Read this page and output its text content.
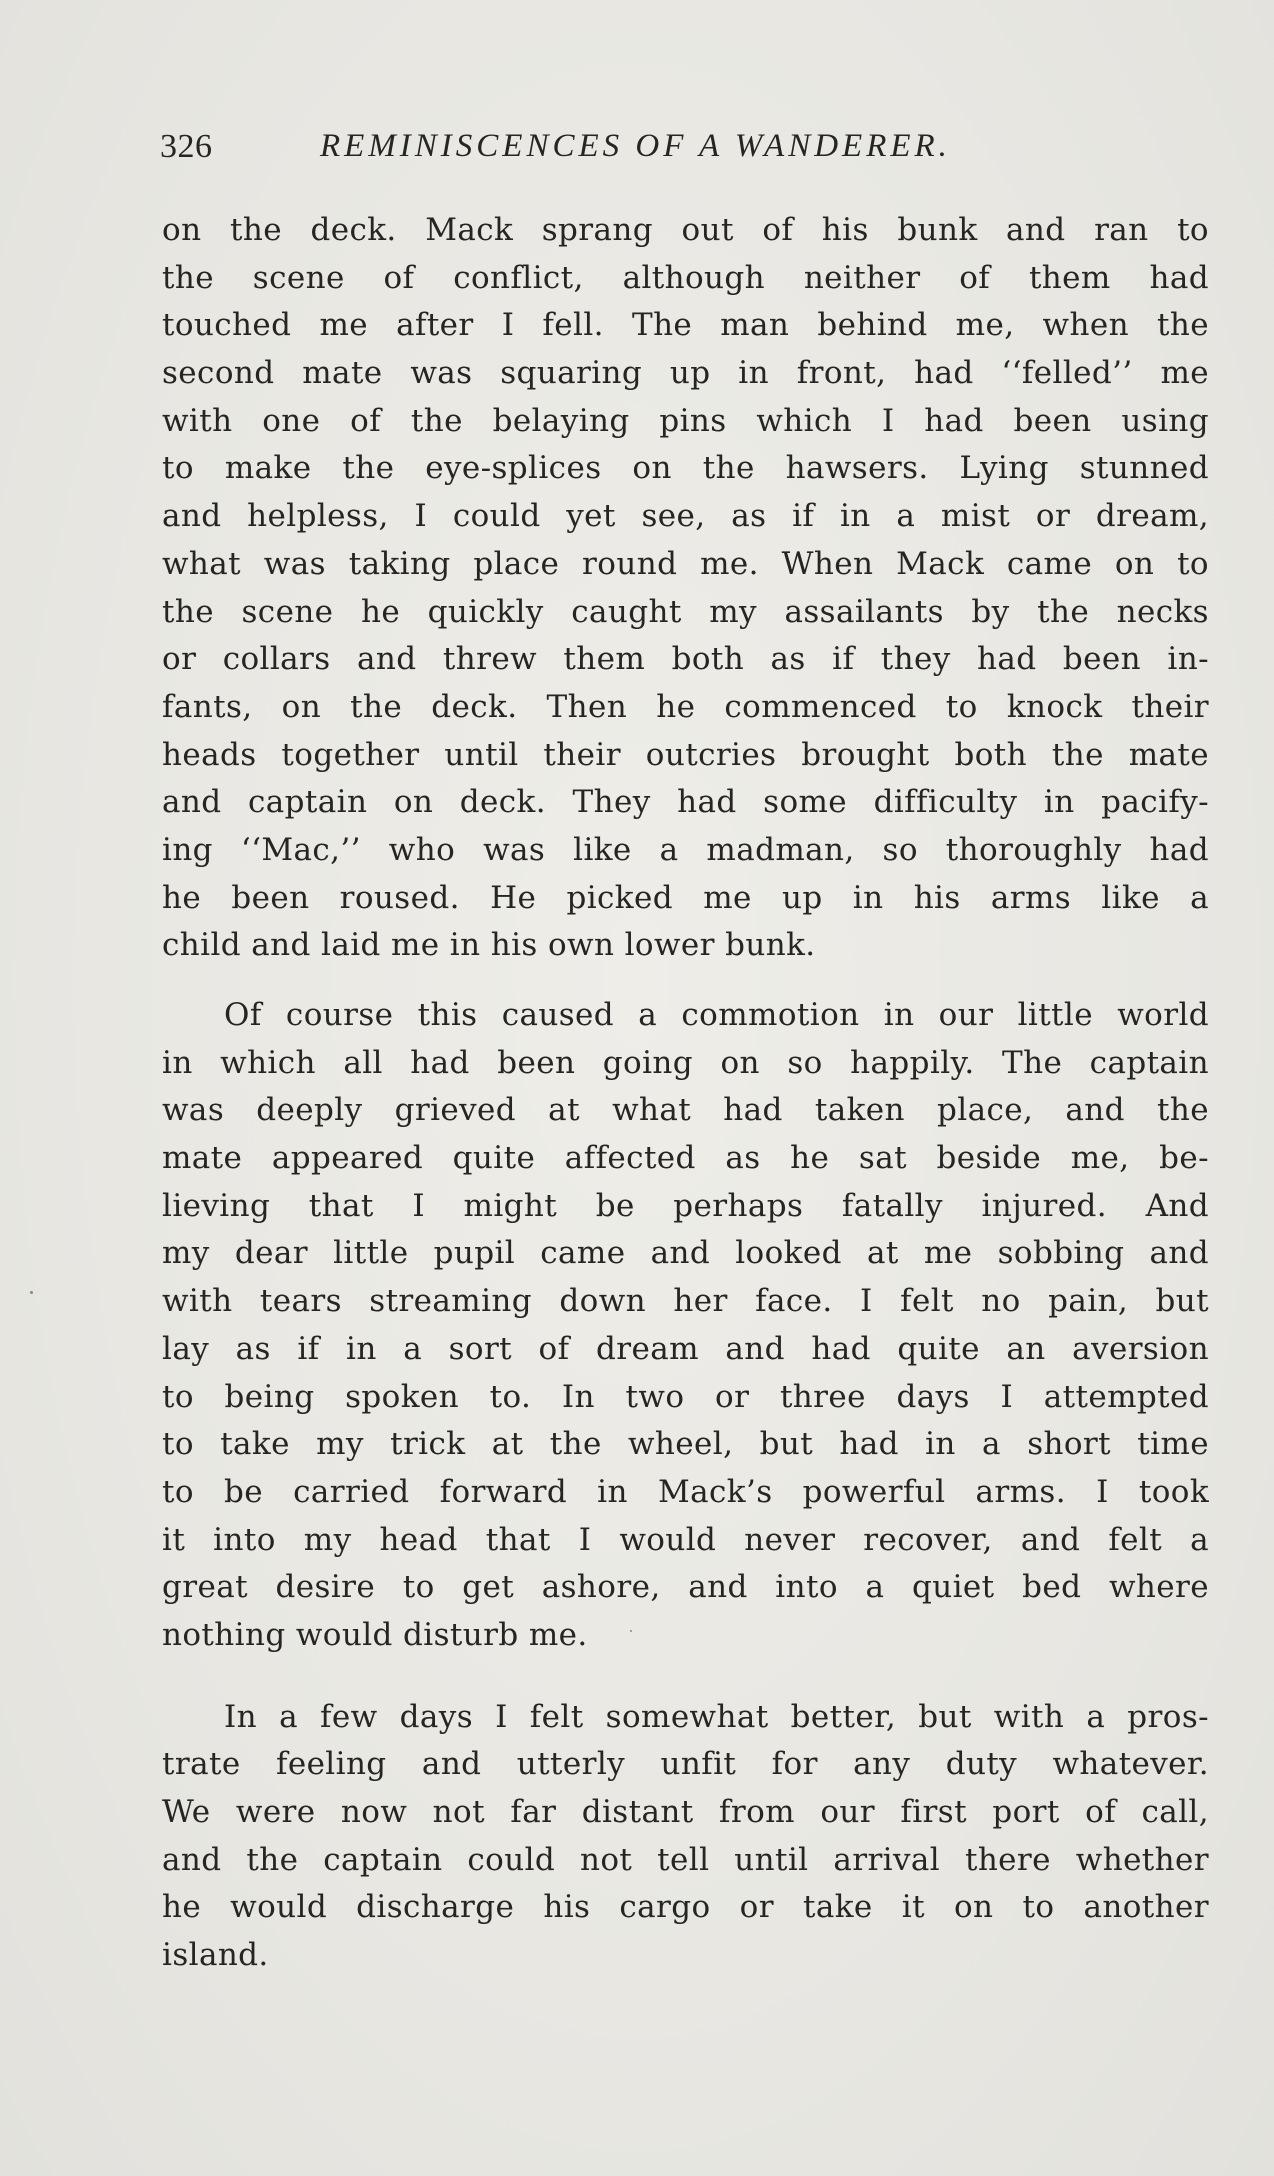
326	REMINISCENCES OF A WANDERER.
on the deck. Mack sprang out of his bunk and ran to
the scene of conflict, although neither of them had
touched me after I fell. The man behind me, when the
second mate was squaring up in front, had ‘‘felled’’ me
with one of the belaying pins which I had been using
to make the eye-splices on the hawsers. Lying stunned
and helpless, I could yet see, as if in a mist or dream,
what was taking place round me. When Mack came on to
the scene he quickly caught my assailants by the necks
or collars and threw them both as if they had been in-
fants, on the deck. Then he commenced to knock their
heads together until their outcries brought both the mate
and captain on deck. They had some difficulty in pacify-
ing ‘‘Mac,’’ who was like a madman, so thoroughly had
he been roused. He picked me up in his arms like a
child and laid me in his own lower bunk.
Of course this caused a commotion in our little world
in which all had been going on so happily. The captain
was deeply grieved at what had taken place, and the
mate appeared quite affected as he sat beside me, be-
lieving that I might be perhaps fatally injured. And
my dear little pupil came and looked at me sobbing and
with tears streaming down her face. I felt no pain, but
lay as if in a sort of dream and had quite an aversion
to being spoken to. In two or three days I attempted
to take my trick at the wheel, but had in a short time
to be carried forward in Mack’s powerful arms. I took
it into my head that I would never recover, and felt a
great desire to get ashore, and into a quiet bed where
nothing would disturb me.
In a few days I felt somewhat better, but with a pros-
trate feeling and utterly unfit for any duty whatever.
We were now not far distant from our first port of call,
and the captain could not tell until arrival there whether
he would discharge his cargo or take it on to another
island.
